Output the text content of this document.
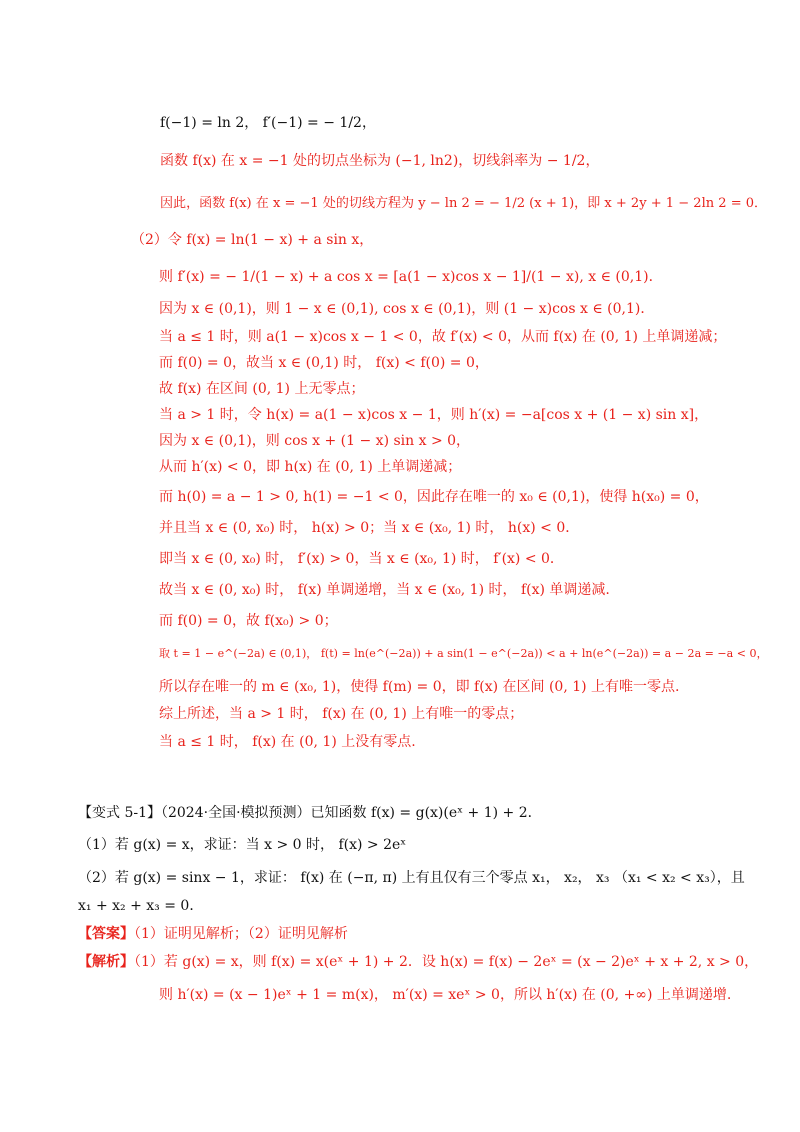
f(−1) = ln 2， f′(−1) = − 1/2，
函数 f(x) 在 x = −1 处的切点坐标为 (−1, ln2)，切线斜率为 − 1/2，
因此，函数 f(x) 在 x = −1 处的切线方程为 y − ln 2 = − 1/2 (x + 1)，即 x + 2y + 1 − 2ln 2 = 0．
（2）令 f(x) = ln(1 − x) + a sin x，
则 f′(x) = − 1/(1 − x) + a cos x = [a(1 − x)cos x − 1]/(1 − x), x ∈ (0,1)．
因为 x ∈ (0,1)，则 1 − x ∈ (0,1), cos x ∈ (0,1)，则 (1 − x)cos x ∈ (0,1)．
当 a ≤ 1 时，则 a(1 − x)cos x − 1 < 0，故 f′(x) < 0，从而 f(x) 在 (0, 1) 上单调递减；
而 f(0) = 0，故当 x ∈ (0,1) 时， f(x) < f(0) = 0，
故 f(x) 在区间 (0, 1) 上无零点；
当 a > 1 时，令 h(x) = a(1 − x)cos x − 1，则 h′(x) = −a[cos x + (1 − x) sin x]，
因为 x ∈ (0,1)，则 cos x + (1 − x) sin x > 0，
从而 h′(x) < 0，即 h(x) 在 (0, 1) 上单调递减；
而 h(0) = a − 1 > 0, h(1) = −1 < 0，因此存在唯一的 x₀ ∈ (0,1)，使得 h(x₀) = 0，
并且当 x ∈ (0, x₀) 时， h(x) > 0；当 x ∈ (x₀, 1) 时， h(x) < 0．
即当 x ∈ (0, x₀) 时， f′(x) > 0，当 x ∈ (x₀, 1) 时， f′(x) < 0．
故当 x ∈ (0, x₀) 时， f(x) 单调递增，当 x ∈ (x₀, 1) 时， f(x) 单调递减.
而 f(0) = 0，故 f(x₀) > 0；
取 t = 1 − e^(−2a) ∈ (0,1)， f(t) = ln(e^(−2a)) + a sin(1 − e^(−2a)) < a + ln(e^(−2a)) = a − 2a = −a < 0，
所以存在唯一的 m ∈ (x₀, 1)，使得 f(m) = 0，即 f(x) 在区间 (0, 1) 上有唯一零点.
综上所述，当 a > 1 时， f(x) 在 (0, 1) 上有唯一的零点；
当 a ≤ 1 时， f(x) 在 (0, 1) 上没有零点.
【变式 5-1】（2024·全国·模拟预测）已知函数 f(x) = g(x)(eˣ + 1) + 2．
（1）若 g(x) = x，求证：当 x > 0 时， f(x) > 2eˣ
（2）若 g(x) = sinx − 1，求证： f(x) 在 (−π, π) 上有且仅有三个零点 x₁， x₂， x₃ （x₁ < x₂ < x₃），且
x₁ + x₂ + x₃ = 0．
【答案】（1）证明见解析；（2）证明见解析
【解析】（1）若 g(x) = x，则 f(x) = x(eˣ + 1) + 2．设 h(x) = f(x) − 2eˣ = (x − 2)eˣ + x + 2, x > 0，
则 h′(x) = (x − 1)eˣ + 1 = m(x)， m′(x) = xeˣ > 0，所以 h′(x) 在 (0, +∞) 上单调递增.
